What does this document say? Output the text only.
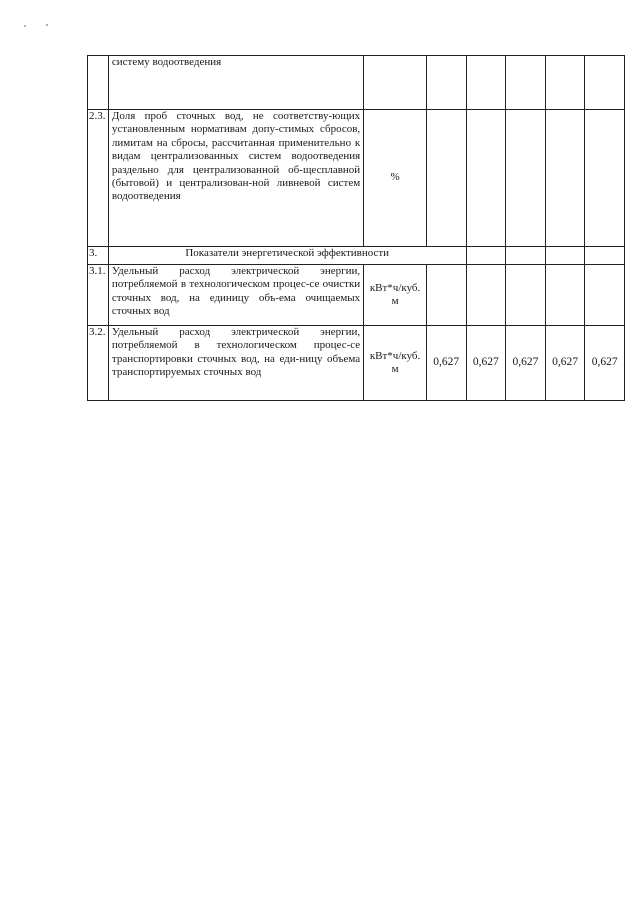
	систему водоотведения						

2.3.	Доля проб сточных вод, не соответству-ющих установленным нормативам допу-стимых сбросов, лимитам на сбросы, рассчитанная применительно к видам централизованных систем водоотведения раздельно для централизованной об-щесплавной (бытовой) и централизован-ной ливневой систем водоотведения	%					
3.	Показатели энергетической эффективности						
3.1.	Удельный расход электрической энергии, потребляемой в технологическом процес-се очистки сточных вод, на единицу объ-ема очищаемых сточных вод	кВт*ч/куб. м					
3.2.	Удельный расход электрической энергии, потребляемой в технологическом процес-се транспортировки сточных вод, на еди-ницу объема транспортируемых сточных вод	кВт*ч/куб. м	0,627	0,627	0,627	0,627	0,627
